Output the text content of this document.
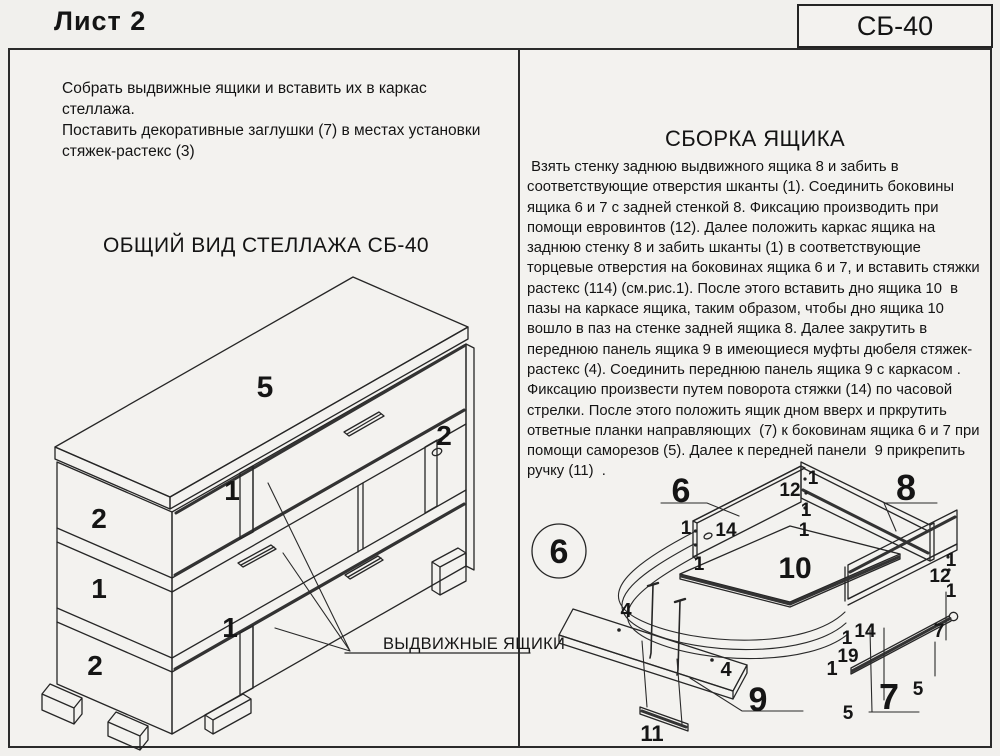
Лист 2	СБ-40
Собрать выдвижные ящики и вставить их в каркас стеллажа.
Поставить декоративные заглушки (7) в местах установки
стяжек-растекс (3)
ОБЩИЙ ВИД СТЕЛЛАЖА СБ-40
СБОРКА ЯЩИКА
Взять стенку заднюю выдвижного ящика 8 и забить в соответствующие отверстия шканты (1). Соединить боковины ящика 6 и 7 с задней стенкой 8. Фиксацию производить при помощи евровинтов (12). Далее положить каркас ящика на заднюю стенку 8 и забить шканты (1) в соответствующие  торцевые отверстия на боковинах ящика 6 и 7, и вставить стяжки растекс (114) (см.рис.1). После этого вставить дно ящика 10  в пазы на каркасе ящика, таким образом, чтобы дно ящика 10  вошло в паз на стенке задней ящика 8. Далее закрутить в переднюю панель ящика 9 в имеющиеся муфты дюбеля стяжек-растекс (4). Соединить переднюю панель ящика 9 с каркасом . Фиксацию произвести путем поворота стяжки (14) по часовой стрелки. После этого положить ящик дном вверх и пркрутить ответные планки направляющих  (7) к боковинам ящика 6 и 7 при помощи саморезов (5). Далее к передней панели  9 прикрепить ручку (11)  .
ВЫДВИЖНЫЕ ЯЩИКИ
5
2
1
2
1
1
2
6
6	8
10
9	7
11
1 14
1
12
1
1
1
1
12
1
14
1
19
1
7
5
5
4
4
